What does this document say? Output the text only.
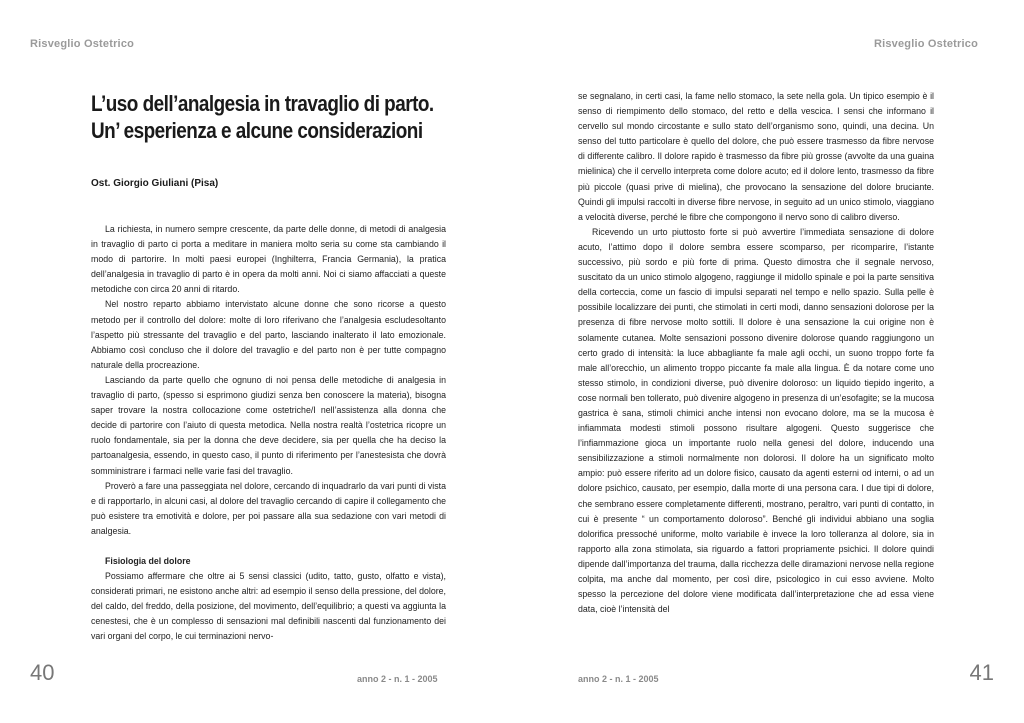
Risveglio Ostetrico
L’uso dell’analgesia in travaglio di parto.
Un’ esperienza e alcune considerazioni
Ost. Giorgio Giuliani (Pisa)

La richiesta, in numero sempre crescente, da parte delle donne, di metodi di analgesia in travaglio di parto ci porta a meditare in maniera molto seria su come sta cambiando il modo di partorire. In molti paesi europei (Inghilterra, Francia Germania), la pratica dell’analgesia in travaglio di parto è in opera da molti anni. Noi ci siamo affacciati a queste metodiche con circa 20 anni di ritardo.

Nel nostro reparto abbiamo intervistato alcune donne che sono ricorse a questo metodo per il controllo del dolore: molte di loro riferivano che l’analgesia escludesoltanto l’aspetto più stressante del travaglio e del parto, lasciando inalterato il lato emozionale. Abbiamo così concluso che il dolore del travaglio e del parto non è per tutte compagno naturale della procreazione.

Lasciando da parte quello che ognuno di noi pensa delle metodiche di analgesia in travaglio di parto, (spesso si esprimono giudizi senza ben conoscere la materia), bisogna saper trovare la nostra collocazione come ostetriche/I nell’assistenza alla donna che decide di partorire con l’aiuto di questa metodica. Nella nostra realtà l’ostetrica ricopre un ruolo fondamentale, sia per la donna che deve decidere, sia per quella che ha deciso la partoanalgesia, essendo, in questo caso, il punto di riferimento per l’anestesista che dovrà somministrare i farmaci nelle varie fasi del travaglio.

Proverò a fare una passeggiata nel dolore, cercando di inquadrarlo da vari punti di vista e di rapportarlo, in alcuni casi, al dolore del travaglio cercando di capire il collegamento che può esistere tra emotività e dolore, per poi passare alla sua sedazione con vari metodi di analgesia.

Fisiologia del dolore

Possiamo affermare che oltre ai 5 sensi classici (udito, tatto, gusto, olfatto e vista), considerati primari, ne esistono anche altri: ad esempio il senso della pressione, del dolore, del caldo, del freddo, della posizione, del movimento, dell’equilibrio; a questi va aggiunta la cenestesi, che è un complesso di sensazioni mal definibili nascenti dal funzionamento dei vari organi del corpo, le cui terminazioni nervo-

40	anno 2 - n. 1 - 2005
Risveglio Ostetrico

se segnalano, in certi casi, la fame nello stomaco, la sete nella gola. Un tipico esempio è il senso di riempimento dello stomaco, del retto e della vescica. I sensi che informano il cervello sul mondo circostante e sullo stato dell’organismo sono, quindi, una decina. Un senso del tutto particolare è quello del dolore, che può essere trasmesso da fibre nervose di differente calibro. Il dolore rapido è trasmesso da fibre più grosse (avvolte da una guaina mielinica) che il cervello interpreta come dolore acuto; ed il dolore lento, trasmesso da fibre più piccole (quasi prive di mielina), che provocano la sensazione del dolore bruciante. Quindi gli impulsi raccolti in diverse fibre nervose, in seguito ad un unico stimolo, viaggiano a velocità diverse, perché le fibre che compongono il nervo sono di calibro diverso.

Ricevendo un urto piuttosto forte si può avvertire l’immediata sensazione di dolore acuto, l’attimo dopo il dolore sembra essere scomparso, per ricomparire, l’istante successivo, più sordo e più forte di prima. Questo dimostra che il segnale nervoso, suscitato da un unico stimolo algogeno, raggiunge il midollo spinale e poi la parte sensitiva della corteccia, come un fascio di impulsi separati nel tempo e nello spazio. Sulla pelle è possibile localizzare dei punti, che stimolati in certi modi, danno sensazioni dolorose per la presenza di fibre nervose molto sottili. Il dolore è una sensazione la cui origine non è solamente cutanea. Molte sensazioni possono divenire dolorose quando raggiungono un certo grado di intensità: la luce abbagliante fa male agli occhi, un suono troppo forte fa male all’orecchio, un alimento troppo piccante fa male alla lingua. È da notare come uno stesso stimolo, in condizioni diverse, può divenire doloroso: un liquido tiepido ingerito, a cose normali ben tollerato, può divenire algogeno in presenza di un’esofagite; se la mucosa gastrica è sana, stimoli chimici anche intensi non evocano dolore, ma se la mucosa è infiammata modesti stimoli possono risultare algogeni. Questo suggerisce che l’infiammazione gioca un importante ruolo nella genesi del dolore, inducendo una sensibilizzazione a stimoli normalmente non dolorosi. Il dolore ha un significato molto ampio: può essere riferito ad un dolore fisico, causato da agenti esterni od interni, o ad un dolore psichico, causato, per esempio, dalla morte di una persona cara. I due tipi di dolore, che sembrano essere completamente differenti, mostrano, peraltro, vari punti di contatto, in cui è presente “ un comportamento doloroso”. Benché gli individui abbiano una soglia dolorifica pressoché uniforme, molto variabile è invece la loro tolleranza al dolore, sia in rapporto alla zona stimolata, sia riguardo a fattori propriamente psichici. Il dolore quindi dipende dall’importanza del trauma, dalla ricchezza delle diramazioni nervose nella regione colpita, ma anche dal momento, per così dire, psicologico in cui esso avviene. Molto spesso la percezione del dolore viene modificata dall’interpretazione che ad essa viene data, cioè l’intensità del

anno 2 - n. 1 - 2005	41
